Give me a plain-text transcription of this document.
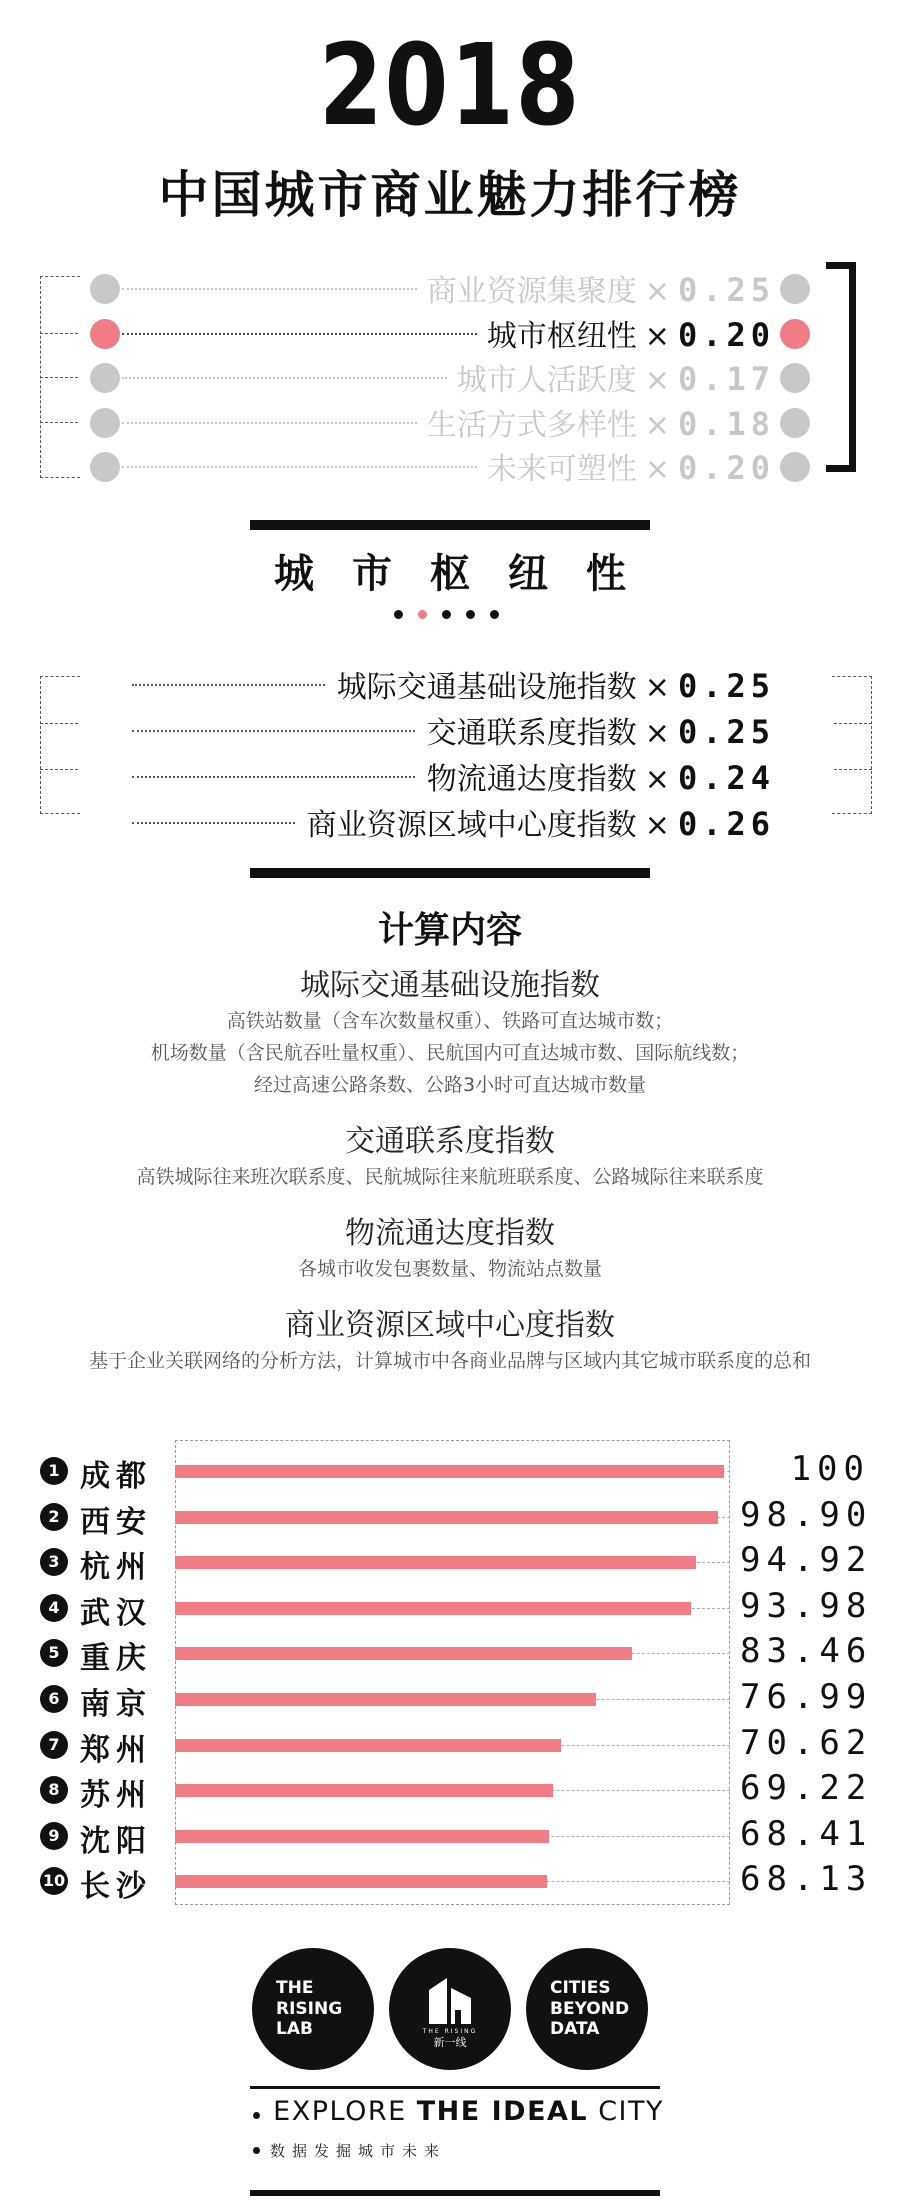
2018
中国城市商业魅力排行榜
商业资源集聚度 × 0.25
城市枢纽性 × 0.20
城市人活跃度 × 0.17
生活方式多样性 × 0.18
未来可塑性 × 0.20
城市枢纽性
城际交通基础设施指数 × 0.25
交通联系度指数 × 0.25
物流通达度指数 × 0.24
商业资源区域中心度指数 × 0.26
计算内容
城际交通基础设施指数
高铁站数量（含车次数量权重）、铁路可直达城市数；
机场数量（含民航吞吐量权重）、民航国内可直达城市数、国际航线数；
经过高速公路条数、公路3小时可直达城市数量
交通联系度指数
高铁城际往来班次联系度、民航城际往来航班联系度、公路城际往来联系度
物流通达度指数
各城市收发包裹数量、物流站点数量
商业资源区域中心度指数
基于企业关联网络的分析方法，计算城市中各商业品牌与区域内其它城市联系度的总和
1 成都	100
2 西安	98.90
3 杭州	94.92
4 武汉	93.98
5 重庆	83.46
6 南京	76.99
7 郑州	70.62
8 苏州	69.22
9 沈阳	68.41
10 长沙	68.13
THE
RISING
LAB	THE RISING
新一线
CITIES
BEYOND
DATA
EXPLORE THE IDEAL CITY
数据发掘城市未来
